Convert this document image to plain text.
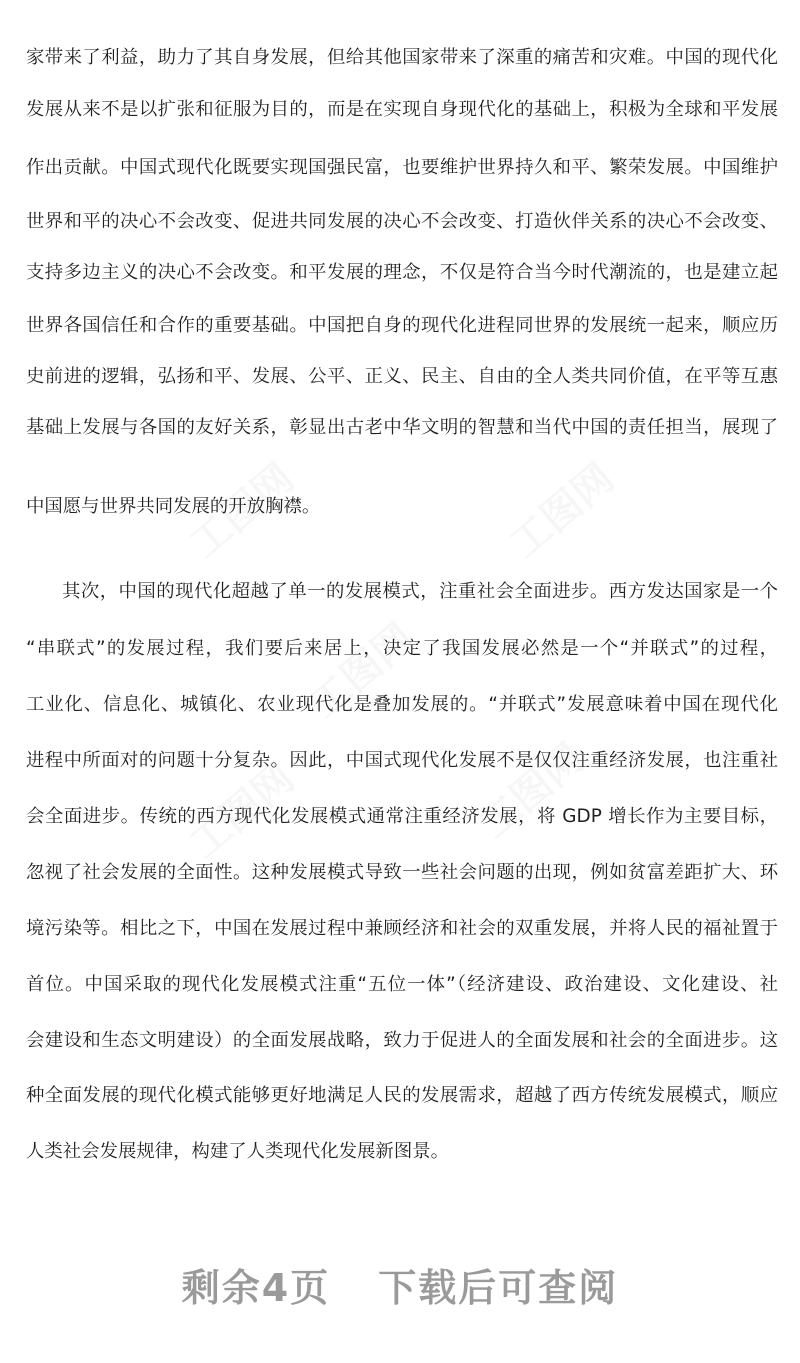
家带来了利益，助力了其自身发展，但给其他国家带来了深重的痛苦和灾难。中国的现代化
发展从来不是以扩张和征服为目的，而是在实现自身现代化的基础上，积极为全球和平发展
作出贡献。中国式现代化既要实现国强民富，也要维护世界持久和平、繁荣发展。中国维护
世界和平的决心不会改变、促进共同发展的决心不会改变、打造伙伴关系的决心不会改变、
支持多边主义的决心不会改变。和平发展的理念，不仅是符合当今时代潮流的，也是建立起
世界各国信任和合作的重要基础。中国把自身的现代化进程同世界的发展统一起来，顺应历
史前进的逻辑，弘扬和平、发展、公平、正义、民主、自由的全人类共同价值，在平等互惠
基础上发展与各国的友好关系，彰显出古老中华文明的智慧和当代中国的责任担当，展现了
中国愿与世界共同发展的开放胸襟。
其次，中国的现代化超越了单一的发展模式，注重社会全面进步。西方发达国家是一个
“串联式”的发展过程，我们要后来居上，决定了我国发展必然是一个“并联式”的过程，
工业化、信息化、城镇化、农业现代化是叠加发展的。“并联式”发展意味着中国在现代化
进程中所面对的问题十分复杂。因此，中国式现代化发展不是仅仅注重经济发展，也注重社
会全面进步。传统的西方现代化发展模式通常注重经济发展，将 GDP 增长作为主要目标，
忽视了社会发展的全面性。这种发展模式导致一些社会问题的出现，例如贫富差距扩大、环
境污染等。相比之下，中国在发展过程中兼顾经济和社会的双重发展，并将人民的福祉置于
首位。中国采取的现代化发展模式注重“五位一体”（经济建设、政治建设、文化建设、社
会建设和生态文明建设）的全面发展战略，致力于促进人的全面发展和社会的全面进步。这
种全面发展的现代化模式能够更好地满足人民的发展需求，超越了西方传统发展模式，顺应
人类社会发展规律，构建了人类现代化发展新图景。
剩余4页 下载后可查阅
